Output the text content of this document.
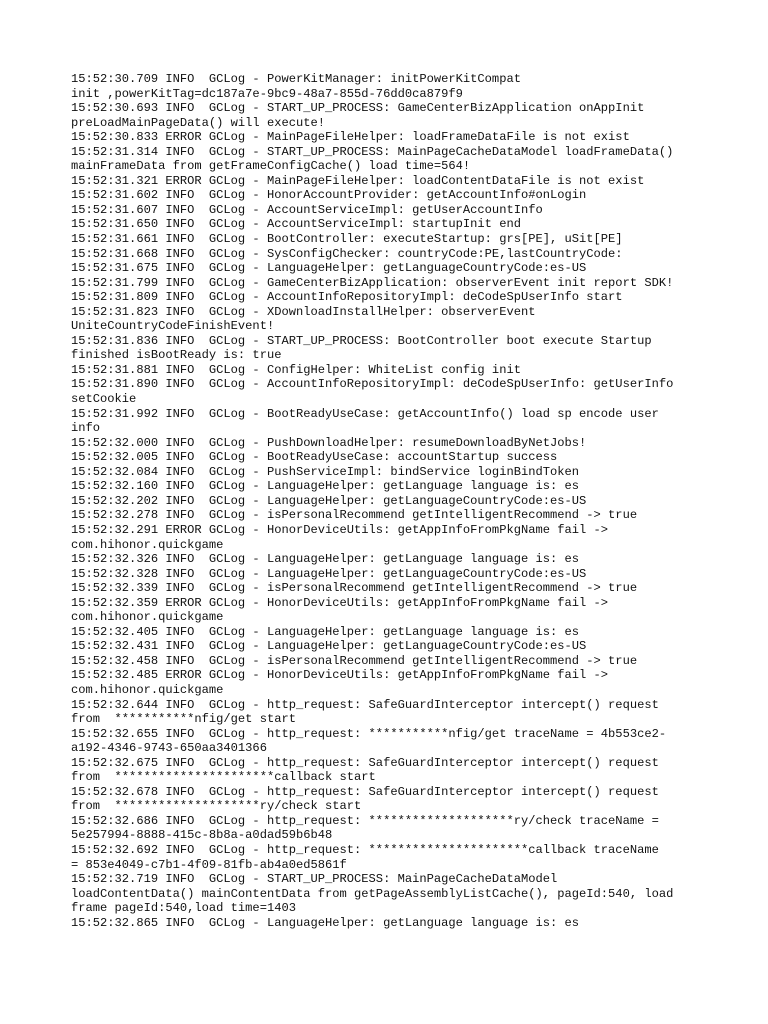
15:52:30.709 INFO  GCLog - PowerKitManager: initPowerKitCompat
init ,powerKitTag=dc187a7e-9bc9-48a7-855d-76dd0ca879f9
15:52:30.693 INFO  GCLog - START_UP_PROCESS: GameCenterBizApplication onAppInit
preLoadMainPageData() will execute!
15:52:30.833 ERROR GCLog - MainPageFileHelper: loadFrameDataFile is not exist
15:52:31.314 INFO  GCLog - START_UP_PROCESS: MainPageCacheDataModel loadFrameData()
mainFrameData from getFrameConfigCache() load time=564!
15:52:31.321 ERROR GCLog - MainPageFileHelper: loadContentDataFile is not exist
15:52:31.602 INFO  GCLog - HonorAccountProvider: getAccountInfo#onLogin
15:52:31.607 INFO  GCLog - AccountServiceImpl: getUserAccountInfo
15:52:31.650 INFO  GCLog - AccountServiceImpl: startupInit end
15:52:31.661 INFO  GCLog - BootController: executeStartup: grs[PE], uSit[PE]
15:52:31.668 INFO  GCLog - SysConfigChecker: countryCode:PE,lastCountryCode:
15:52:31.675 INFO  GCLog - LanguageHelper: getLanguageCountryCode:es-US
15:52:31.799 INFO  GCLog - GameCenterBizApplication: observerEvent init report SDK!
15:52:31.809 INFO  GCLog - AccountInfoRepositoryImpl: deCodeSpUserInfo start
15:52:31.823 INFO  GCLog - XDownloadInstallHelper: observerEvent
UniteCountryCodeFinishEvent!
15:52:31.836 INFO  GCLog - START_UP_PROCESS: BootController boot execute Startup
finished isBootReady is: true
15:52:31.881 INFO  GCLog - ConfigHelper: WhiteList config init
15:52:31.890 INFO  GCLog - AccountInfoRepositoryImpl: deCodeSpUserInfo: getUserInfo
setCookie
15:52:31.992 INFO  GCLog - BootReadyUseCase: getAccountInfo() load sp encode user
info
15:52:32.000 INFO  GCLog - PushDownloadHelper: resumeDownloadByNetJobs!
15:52:32.005 INFO  GCLog - BootReadyUseCase: accountStartup success
15:52:32.084 INFO  GCLog - PushServiceImpl: bindService loginBindToken
15:52:32.160 INFO  GCLog - LanguageHelper: getLanguage language is: es
15:52:32.202 INFO  GCLog - LanguageHelper: getLanguageCountryCode:es-US
15:52:32.278 INFO  GCLog - isPersonalRecommend getIntelligentRecommend -> true
15:52:32.291 ERROR GCLog - HonorDeviceUtils: getAppInfoFromPkgName fail ->
com.hihonor.quickgame
15:52:32.326 INFO  GCLog - LanguageHelper: getLanguage language is: es
15:52:32.328 INFO  GCLog - LanguageHelper: getLanguageCountryCode:es-US
15:52:32.339 INFO  GCLog - isPersonalRecommend getIntelligentRecommend -> true
15:52:32.359 ERROR GCLog - HonorDeviceUtils: getAppInfoFromPkgName fail ->
com.hihonor.quickgame
15:52:32.405 INFO  GCLog - LanguageHelper: getLanguage language is: es
15:52:32.431 INFO  GCLog - LanguageHelper: getLanguageCountryCode:es-US
15:52:32.458 INFO  GCLog - isPersonalRecommend getIntelligentRecommend -> true
15:52:32.485 ERROR GCLog - HonorDeviceUtils: getAppInfoFromPkgName fail ->
com.hihonor.quickgame
15:52:32.644 INFO  GCLog - http_request: SafeGuardInterceptor intercept() request
from  ***********nfig/get start
15:52:32.655 INFO  GCLog - http_request: ***********nfig/get traceName = 4b553ce2-
a192-4346-9743-650aa3401366
15:52:32.675 INFO  GCLog - http_request: SafeGuardInterceptor intercept() request
from  **********************callback start
15:52:32.678 INFO  GCLog - http_request: SafeGuardInterceptor intercept() request
from  ********************ry/check start
15:52:32.686 INFO  GCLog - http_request: ********************ry/check traceName =
5e257994-8888-415c-8b8a-a0dad59b6b48
15:52:32.692 INFO  GCLog - http_request: **********************callback traceName
= 853e4049-c7b1-4f09-81fb-ab4a0ed5861f
15:52:32.719 INFO  GCLog - START_UP_PROCESS: MainPageCacheDataModel
loadContentData() mainContentData from getPageAssemblyListCache(), pageId:540, load
frame pageId:540,load time=1403
15:52:32.865 INFO  GCLog - LanguageHelper: getLanguage language is: es
